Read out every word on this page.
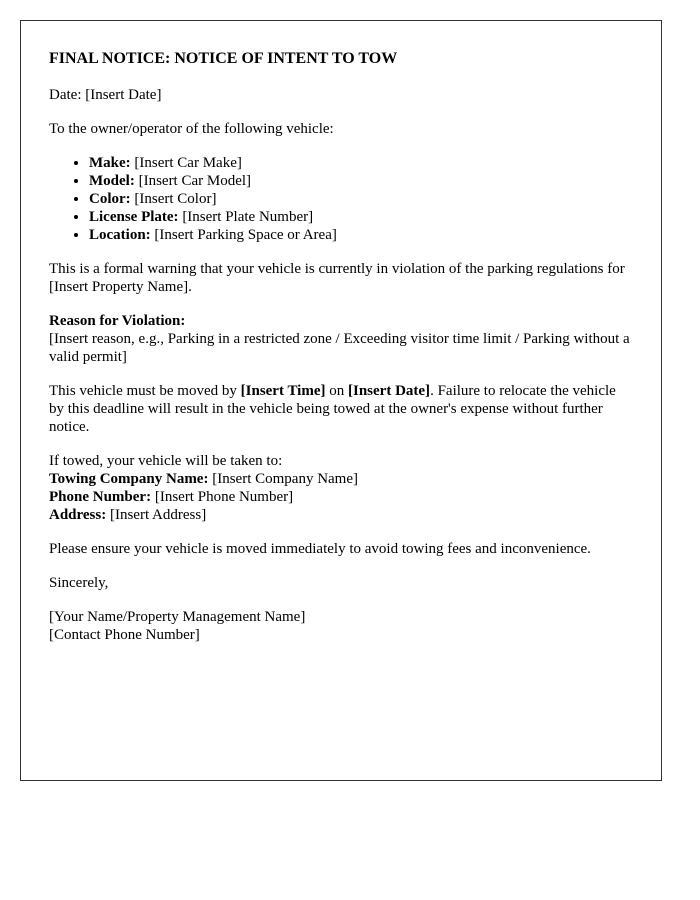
FINAL NOTICE: NOTICE OF INTENT TO TOW

Date: [Insert Date]

To the owner/operator of the following vehicle:

• Make: [Insert Car Make]
• Model: [Insert Car Model]
• Color: [Insert Color]
• License Plate: [Insert Plate Number]
• Location: [Insert Parking Space or Area]

This is a formal warning that your vehicle is currently in violation of the parking regulations for [Insert Property Name].

Reason for Violation:
[Insert reason, e.g., Parking in a restricted zone / Exceeding visitor time limit / Parking without a valid permit]

This vehicle must be moved by [Insert Time] on [Insert Date]. Failure to relocate the vehicle by this deadline will result in the vehicle being towed at the owner's expense without further notice.

If towed, your vehicle will be taken to:
Towing Company Name: [Insert Company Name]
Phone Number: [Insert Phone Number]
Address: [Insert Address]

Please ensure your vehicle is moved immediately to avoid towing fees and inconvenience.

Sincerely,

[Your Name/Property Management Name]
[Contact Phone Number]
